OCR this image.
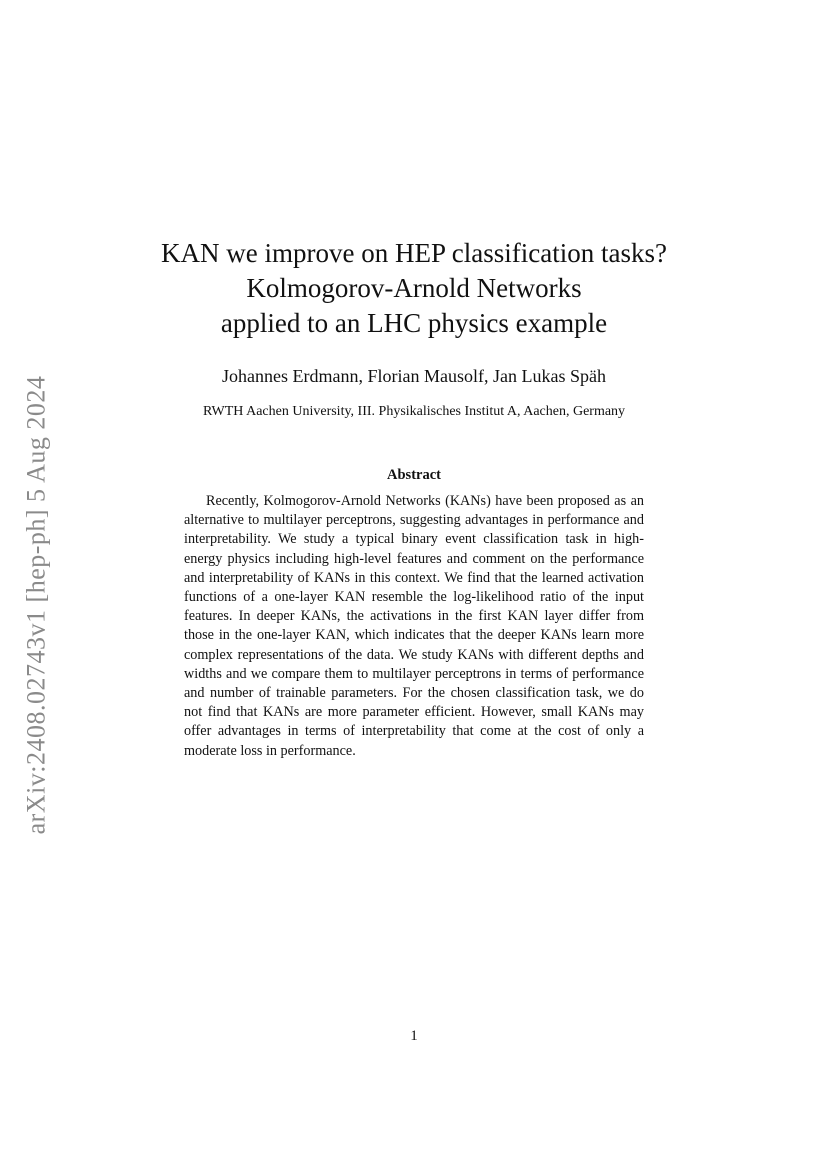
arXiv:2408.02743v1 [hep-ph] 5 Aug 2024
KAN we improve on HEP classification tasks?
Kolmogorov-Arnold Networks
applied to an LHC physics example
Johannes Erdmann, Florian Mausolf, Jan Lukas Späh
RWTH Aachen University, III. Physikalisches Institut A, Aachen, Germany
Abstract

Recently, Kolmogorov-Arnold Networks (KANs) have been proposed as an alternative to multilayer perceptrons, suggesting advantages in performance and interpretability. We study a typical binary event classification task in high-energy physics including high-level features and comment on the performance and interpretability of KANs in this context. We find that the learned activation functions of a one-layer KAN resemble the log-likelihood ratio of the input features. In deeper KANs, the activations in the first KAN layer differ from those in the one-layer KAN, which indicates that the deeper KANs learn more complex representations of the data. We study KANs with different depths and widths and we compare them to multilayer perceptrons in terms of performance and number of trainable parameters. For the chosen classification task, we do not find that KANs are more parameter efficient. However, small KANs may offer advantages in terms of interpretability that come at the cost of only a moderate loss in performance.

1
